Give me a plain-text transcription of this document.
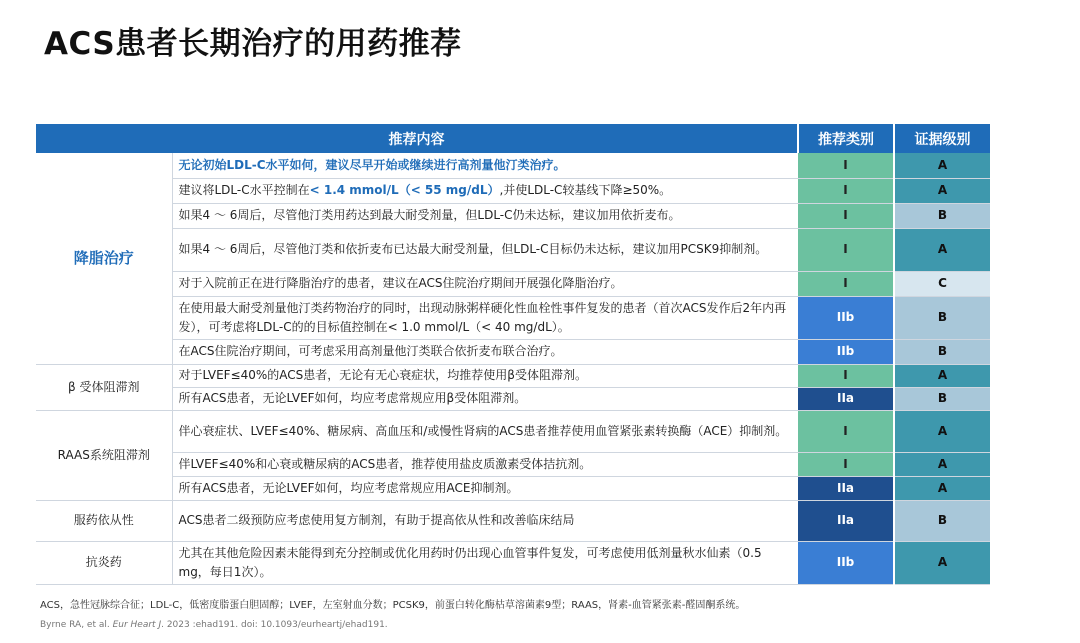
ACS患者长期治疗的用药推荐
推荐内容		推荐类别	证据级别
降脂治疗	无论初始LDL-C水平如何，建议尽早开始或继续进行高剂量他汀类治疗。	I	A
	建议将LDL-C水平控制在< 1.4 mmol/L（< 55 mg/dL）,并使LDL-C较基线下降≥50%。	I	A
	如果4 ～ 6周后，尽管他汀类用药达到最大耐受剂量，但LDL-C仍未达标，建议加用依折麦布。	I	B
	如果4 ～ 6周后，尽管他汀类和依折麦布已达最大耐受剂量，但LDL-C目标仍未达标，建议加用PCSK9抑制剂。	I	A
	对于入院前正在进行降脂治疗的患者，建议在ACS住院治疗期间开展强化降脂治疗。	I	C
	在使用最大耐受剂量他汀类药物治疗的同时，出现动脉粥样硬化性血栓性事件复发的患者（首次ACS发作后2年内再发），可考虑将LDL-C的的目标值控制在< 1.0 mmol/L（< 40 mg/dL）。	IIb	B
	在ACS住院治疗期间，可考虑采用高剂量他汀类联合依折麦布联合治疗。	IIb	B
β 受体阻滞剂	对于LVEF≤40%的ACS患者，无论有无心衰症状，均推荐使用β受体阻滞剂。	I	A
	所有ACS患者，无论LVEF如何，均应考虑常规应用β受体阻滞剂。	IIa	B
RAAS系统阻滞剂	伴心衰症状、LVEF≤40%、糖尿病、高血压和/或慢性肾病的ACS患者推荐使用血管紧张素转换酶（ACE）抑制剂。	I	A
	伴LVEF≤40%和心衰或糖尿病的ACS患者，推荐使用盐皮质激素受体拮抗剂。	I	A
	所有ACS患者，无论LVEF如何，均应考虑常规应用ACE抑制剂。	IIa	A
服药依从性	ACS患者二级预防应考虑使用复方制剂，有助于提高依从性和改善临床结局	IIa	B
抗炎药	尤其在其他危险因素未能得到充分控制或优化用药时仍出现心血管事件复发，可考虑使用低剂量秋水仙素（0.5 mg，每日1次）。	IIb	A
ACS，急性冠脉综合征；LDL-C，低密度脂蛋白胆固醇；LVEF，左室射血分数；PCSK9，前蛋白转化酶枯草溶菌素9型；RAAS，肾素-血管紧张素-醛固酮系统。
Byrne RA, et al. Eur Heart J. 2023 :ehad191. doi: 10.1093/eurheartj/ehad191.
